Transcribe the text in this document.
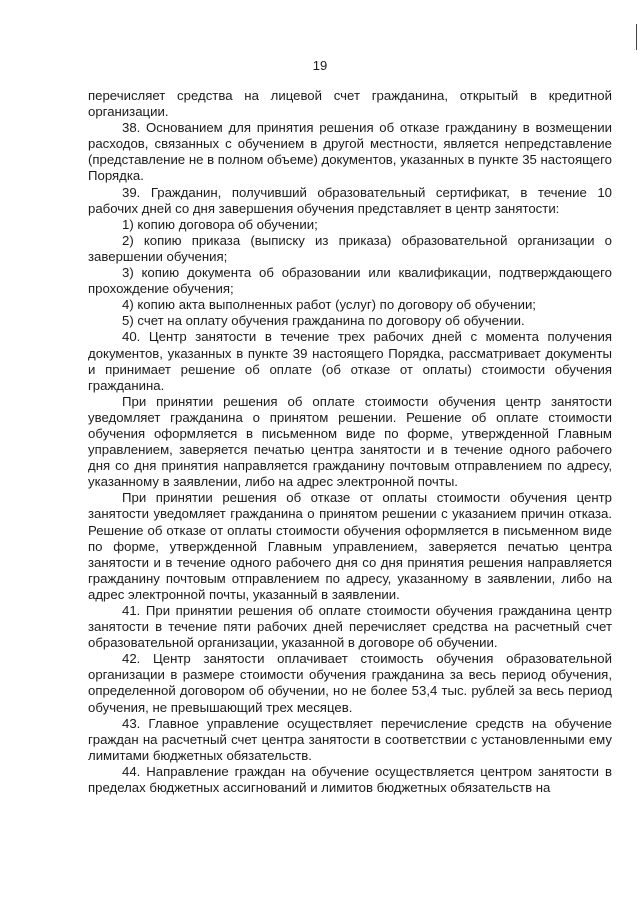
19

перечисляет средства на лицевой счет гражданина, открытый в кредитной организации.

38. Основанием для принятия решения об отказе гражданину в возмещении расходов, связанных с обучением в другой местности, является непредставление (представление не в полном объеме) документов, указанных в пункте 35 настоящего Порядка.

39. Гражданин, получивший образовательный сертификат, в течение 10 рабочих дней со дня завершения обучения представляет в центр занятости:

1) копию договора об обучении;

2) копию приказа (выписку из приказа) образовательной организации о завершении обучения;

3) копию документа об образовании или квалификации, подтверждающего прохождение обучения;

4) копию акта выполненных работ (услуг) по договору об обучении;

5) счет на оплату обучения гражданина по договору об обучении.

40. Центр занятости в течение трех рабочих дней с момента получения документов, указанных в пункте 39 настоящего Порядка, рассматривает документы и принимает решение об оплате (об отказе от оплаты) стоимости обучения гражданина.

При принятии решения об оплате стоимости обучения центр занятости уведомляет гражданина о принятом решении. Решение об оплате стоимости обучения оформляется в письменном виде по форме, утвержденной Главным управлением, заверяется печатью центра занятости и в течение одного рабочего дня со дня принятия направляется гражданину почтовым отправлением по адресу, указанному в заявлении, либо на адрес электронной почты.

При принятии решения об отказе от оплаты стоимости обучения центр занятости уведомляет гражданина о принятом решении с указанием причин отказа. Решение об отказе от оплаты стоимости обучения оформляется в письменном виде по форме, утвержденной Главным управлением, заверяется печатью центра занятости и в течение одного рабочего дня со дня принятия решения направляется гражданину почтовым отправлением по адресу, указанному в заявлении, либо на адрес электронной почты, указанный в заявлении.

41. При принятии решения об оплате стоимости обучения гражданина центр занятости в течение пяти рабочих дней перечисляет средства на расчетный счет образовательной организации, указанной в договоре об обучении.

42. Центр занятости оплачивает стоимость обучения образовательной организации в размере стоимости обучения гражданина за весь период обучения, определенной договором об обучении, но не более 53,4 тыс. рублей за весь период обучения, не превышающий трех месяцев.

43. Главное управление осуществляет перечисление средств на обучение граждан на расчетный счет центра занятости в соответствии с установленными ему лимитами бюджетных обязательств.

44. Направление граждан на обучение осуществляется центром занятости в пределах бюджетных ассигнований и лимитов бюджетных обязательств на
